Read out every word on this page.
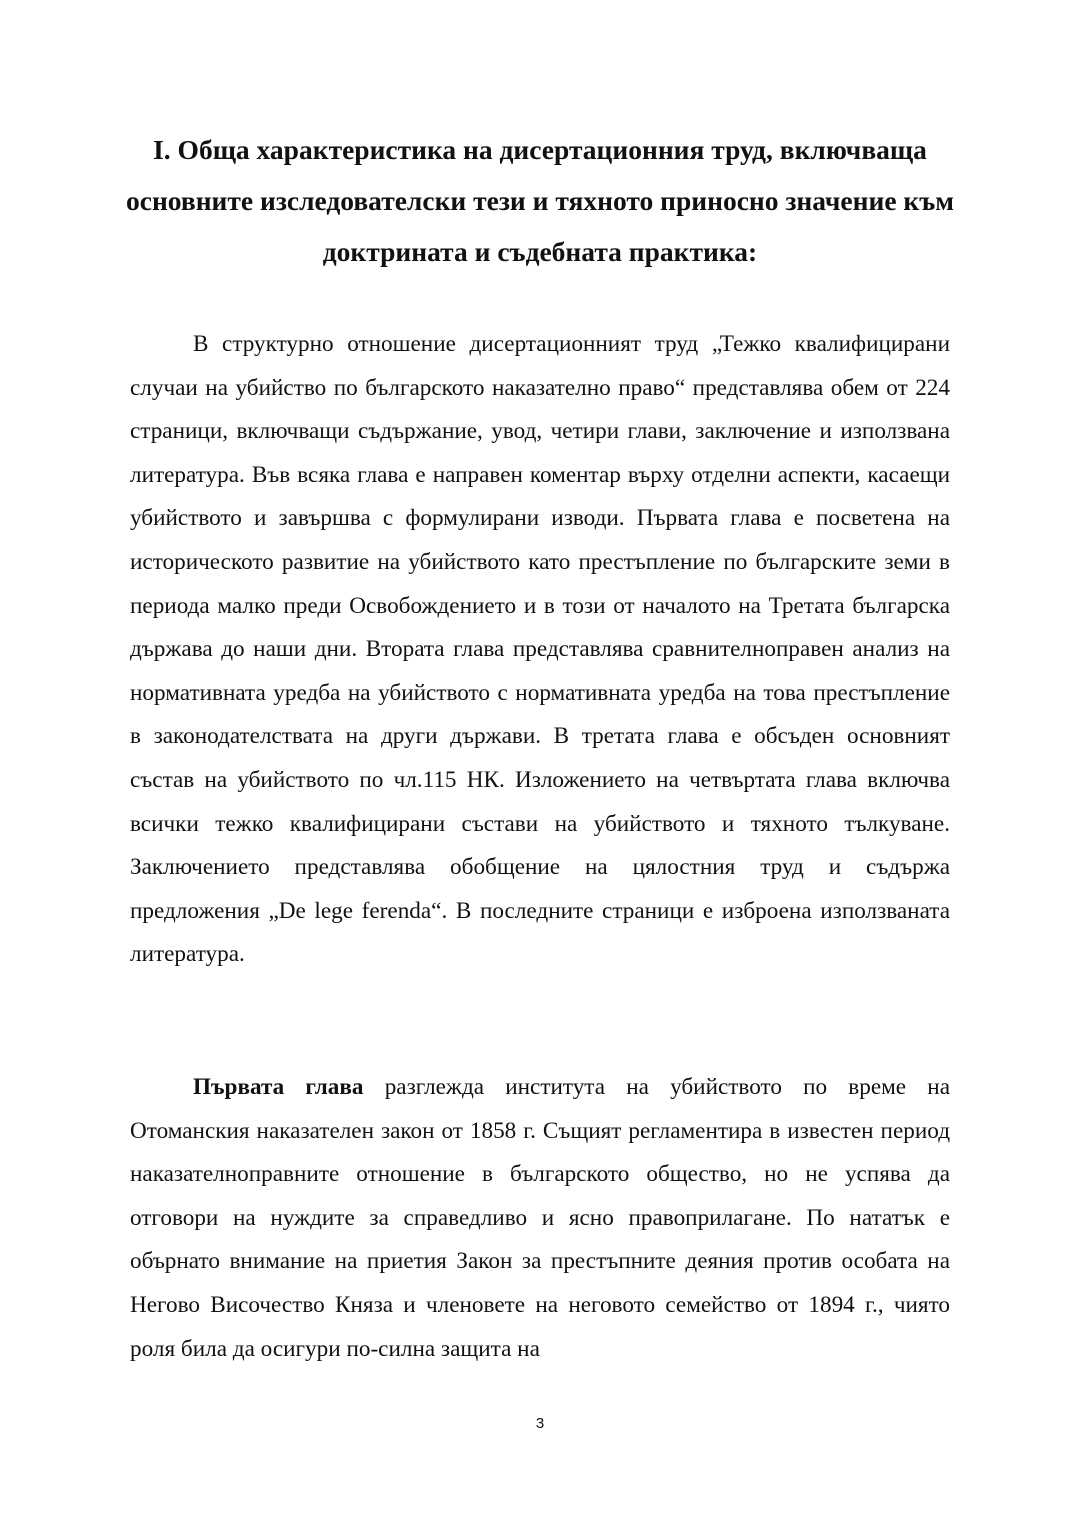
I. Обща характеристика на дисертационния труд, включваща основните изследователски тези и тяхното приносно значение към доктрината и съдебната практика:

В структурно отношение дисертационният труд „Тежко квалифицирани случаи на убийство по българското наказателно право“ представлява обем от 224 страници, включващи съдържание, увод, четири глави, заключение и използвана литература. Във всяка глава е направен коментар върху отделни аспекти, касаещи убийството и завършва с формулирани изводи. Първата глава е посветена на историческото развитие на убийството като престъпление по българските земи в периода малко преди Освобождението и в този от началото на Третата българска държава до наши дни. Втората глава представлява сравнителноправен анализ на нормативната уредба на убийството с нормативната уредба на това престъпление в законодателствата на други държави. В третата глава е обсъден основният състав на убийството по чл.115 НК. Изложението на четвъртата глава включва всички тежко квалифицирани състави на убийството и тяхното тълкуване. Заключението представлява обобщение на цялостния труд и съдържа предложения „De lege ferenda“. В последните страници е изброена използваната литература.

Първата глава разглежда института на убийството по време на Отоманския наказателен закон от 1858 г. Същият регламентира в известен период наказателноправните отношение в българското общество, но не успява да отговори на нуждите за справедливо и ясно правоприлагане. По нататък е обърнато внимание на приетия Закон за престъпните деяния против особата на Негово Височество Княза и членовете на неговото семейство от 1894 г., чиято роля била да осигури по-силна защита на

3
